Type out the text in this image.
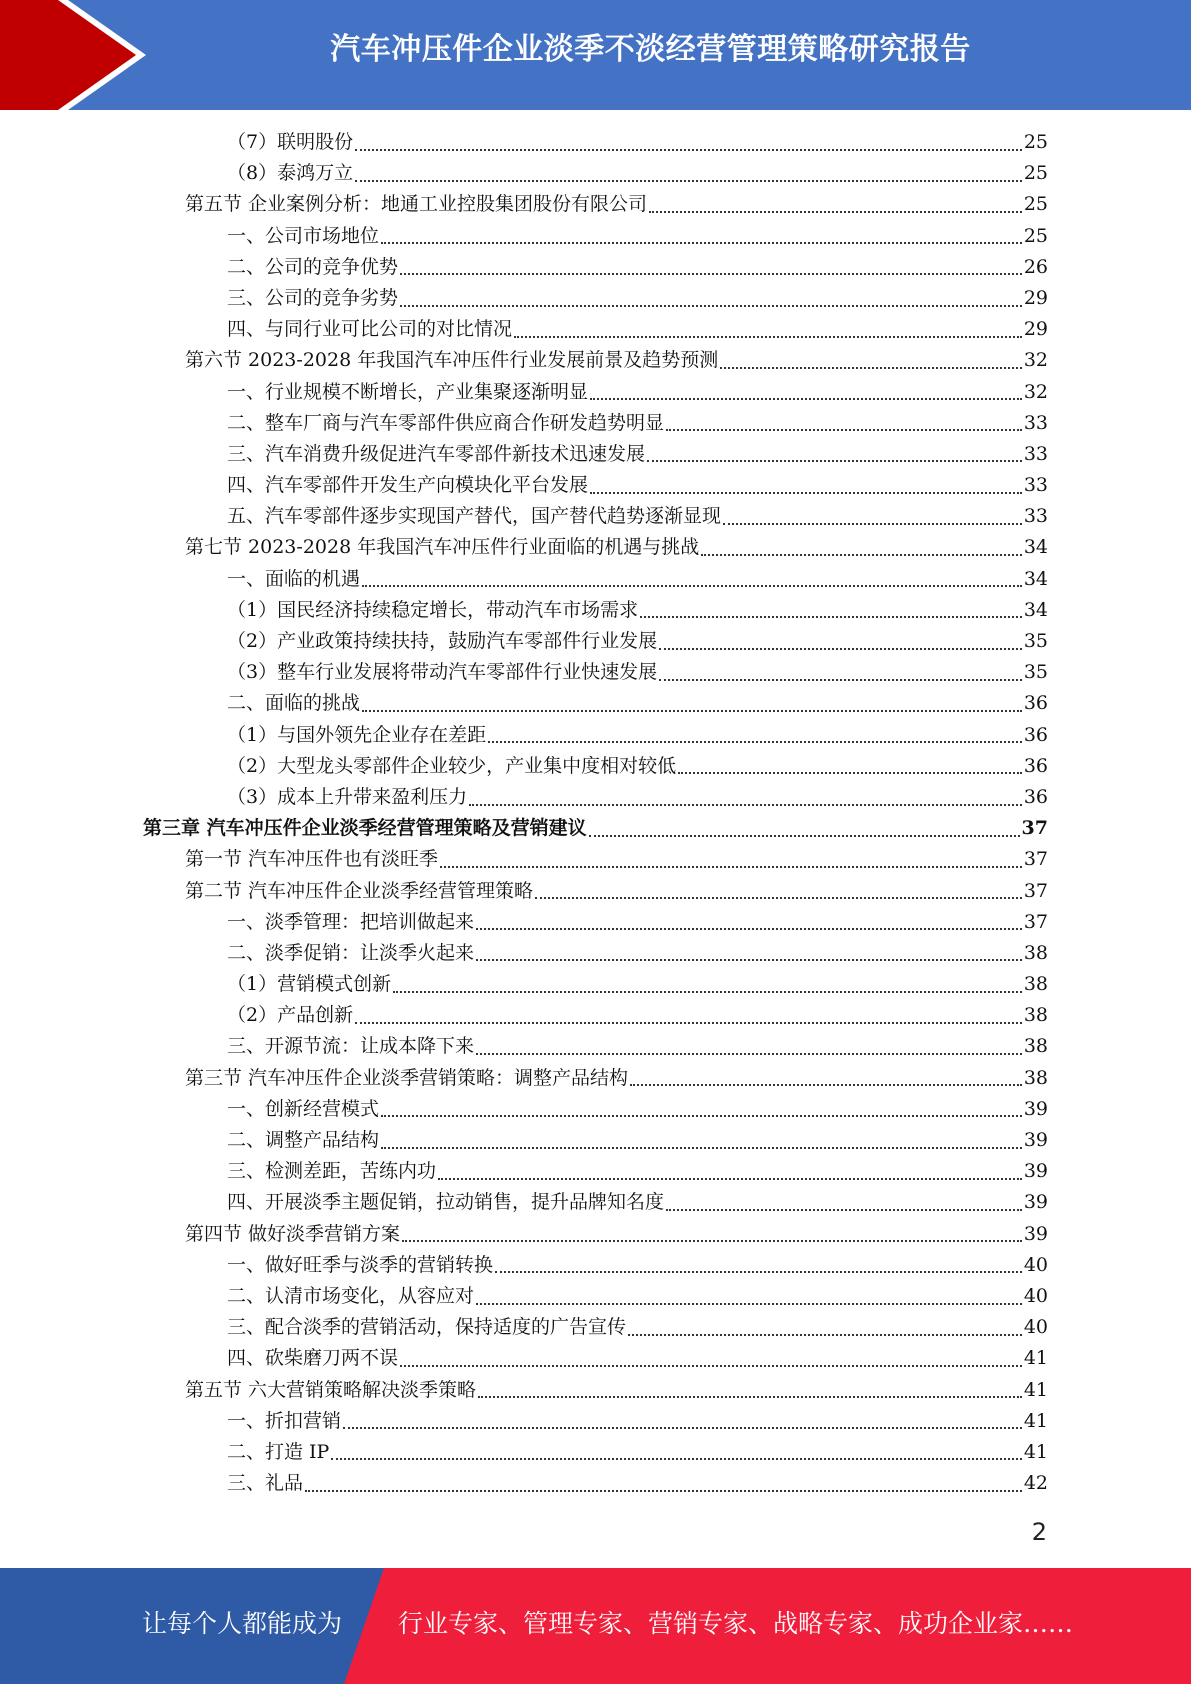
汽车冲压件企业淡季不淡经营管理策略研究报告
（7）联明股份	25
（8）泰鸿万立	25
第五节 企业案例分析：地通工业控股集团股份有限公司	25
一、公司市场地位	25
二、公司的竞争优势	26
三、公司的竞争劣势	29
四、与同行业可比公司的对比情况	29
第六节 2023-2028 年我国汽车冲压件行业发展前景及趋势预测	32
一、行业规模不断增长，产业集聚逐渐明显	32
二、整车厂商与汽车零部件供应商合作研发趋势明显	33
三、汽车消费升级促进汽车零部件新技术迅速发展	33
四、汽车零部件开发生产向模块化平台发展	33
五、汽车零部件逐步实现国产替代，国产替代趋势逐渐显现	33
第七节 2023-2028 年我国汽车冲压件行业面临的机遇与挑战	34
一、面临的机遇	34
（1）国民经济持续稳定增长，带动汽车市场需求	34
（2）产业政策持续扶持，鼓励汽车零部件行业发展	35
（3）整车行业发展将带动汽车零部件行业快速发展	35
二、面临的挑战	36
（1）与国外领先企业存在差距	36
（2）大型龙头零部件企业较少，产业集中度相对较低	36
（3）成本上升带来盈利压力	36
第三章 汽车冲压件企业淡季经营管理策略及营销建议	37
第一节 汽车冲压件也有淡旺季	37
第二节 汽车冲压件企业淡季经营管理策略	37
一、淡季管理：把培训做起来	37
二、淡季促销：让淡季火起来	38
（1）营销模式创新	38
（2）产品创新	38
三、开源节流：让成本降下来	38
第三节 汽车冲压件企业淡季营销策略：调整产品结构	38
一、创新经营模式	39
二、调整产品结构	39
三、检测差距，苦练内功	39
四、开展淡季主题促销，拉动销售，提升品牌知名度	39
第四节 做好淡季营销方案	39
一、做好旺季与淡季的营销转换	40
二、认清市场变化，从容应对	40
三、配合淡季的营销活动，保持适度的广告宣传	40
四、砍柴磨刀两不误	41
第五节 六大营销策略解决淡季策略	41
一、折扣营销	41
二、打造 IP	41
三、礼品	42
2
让每个人都能成为 行业专家、管理专家、营销专家、战略专家、成功企业家……
